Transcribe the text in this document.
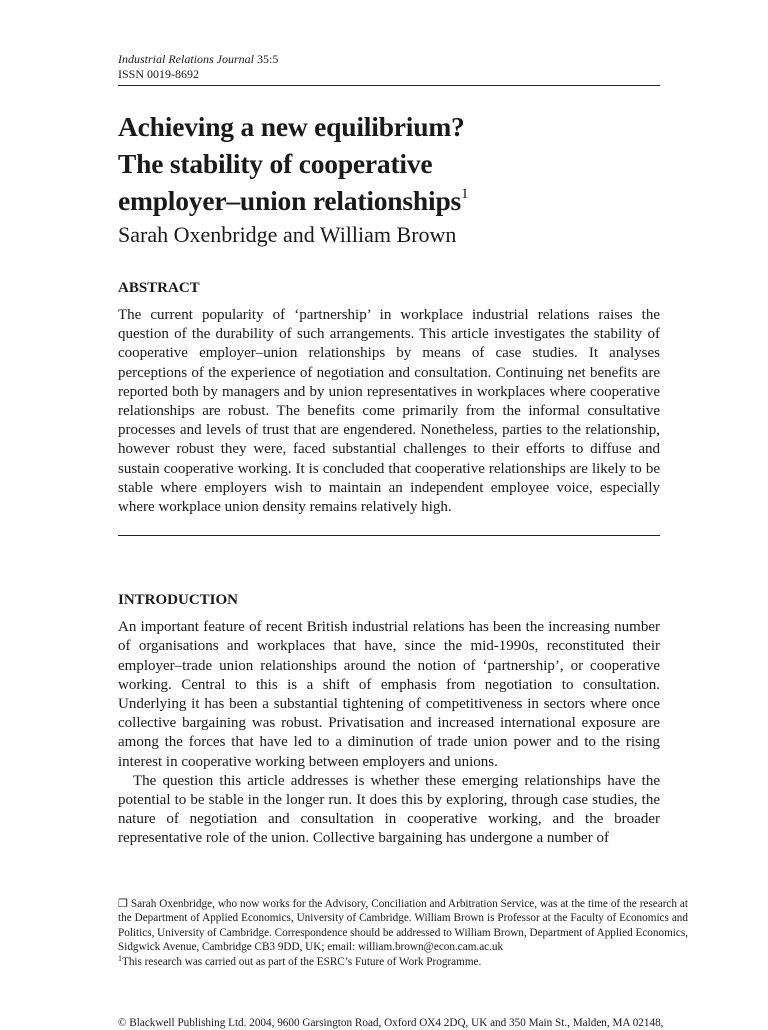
Industrial Relations Journal 35:5
ISSN 0019-8692
Achieving a new equilibrium?
The stability of cooperative
employer–union relationships$^1$
Sarah Oxenbridge and William Brown
ABSTRACT

The current popularity of ‘partnership’ in workplace industrial relations raises the question of the durability of such arrangements. This article investigates the stability of cooperative employer–union relationships by means of case studies. It analyses perceptions of the experience of negotiation and consultation. Continuing net benefits are reported both by managers and by union representatives in workplaces where cooperative relationships are robust. The benefits come primarily from the informal consultative processes and levels of trust that are engendered. Nonetheless, parties to the relationship, however robust they were, faced substantial challenges to their efforts to diffuse and sustain cooperative working. It is concluded that cooperative relationships are likely to be stable where employers wish to maintain an independent employee voice, especially where workplace union density remains relatively high.

INTRODUCTION

An important feature of recent British industrial relations has been the increasing number of organisations and workplaces that have, since the mid-1990s, reconstituted their employer–trade union relationships around the notion of ‘partnership’, or cooperative working. Central to this is a shift of emphasis from negotiation to consultation. Underlying it has been a substantial tightening of competitiveness in sectors where once collective bargaining was robust. Privatisation and increased international exposure are among the forces that have led to a diminution of trade union power and to the rising interest in cooperative working between employers and unions.

The question this article addresses is whether these emerging relationships have the potential to be stable in the longer run. It does this by exploring, through case studies, the nature of negotiation and consultation in cooperative working, and the broader representative role of the union. Collective bargaining has undergone a number of

❒ Sarah Oxenbridge, who now works for the Advisory, Conciliation and Arbitration Service, was at the time of the research at the Department of Applied Economics, University of Cambridge. William Brown is Professor at the Faculty of Economics and Politics, University of Cambridge. Correspondence should be addressed to William Brown, Department of Applied Economics, Sidgwick Avenue, Cambridge CB3 9DD, UK; email: william.brown@econ.cam.ac.uk

$^1$This research was carried out as part of the ESRC’s Future of Work Programme.

© Blackwell Publishing Ltd. 2004, 9600 Garsington Road, Oxford OX4 2DQ, UK and 350 Main St., Malden, MA 02148,
